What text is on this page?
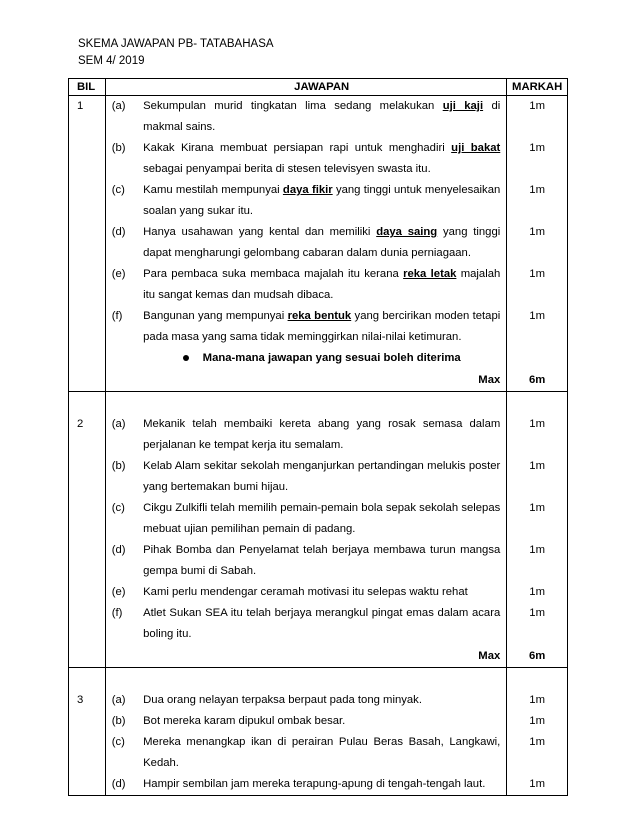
SKEMA JAWAPAN PB- TATABAHASA
SEM 4/ 2019
BIL		JAWAPAN	MARKAH
1	(a)	Sekumpulan murid tingkatan lima sedang melakukan uji kaji di makmal sains.	1m
	(b)	Kakak Kirana membuat persiapan rapi untuk menghadiri uji bakat sebagai penyampai berita di stesen televisyen swasta itu.	1m
	(c)	Kamu mestilah mempunyai daya fikir yang tinggi untuk menyelesaikan soalan yang sukar itu.	1m
	(d)	Hanya usahawan yang kental dan memiliki daya saing yang tinggi dapat mengharungi gelombang cabaran dalam dunia perniagaan.	1m
	(e)	Para pembaca suka membaca majalah itu kerana reka letak majalah itu sangat kemas dan mudsah dibaca.	1m
	(f)	Bangunan yang mempunyai reka bentuk yang bercirikan moden tetapi pada masa yang sama tidak meminggirkan nilai-nilai ketimuran.	1m
		Mana-mana jawapan yang sesuai boleh diterima	
		Max	6m

2	(a)	Mekanik telah membaiki kereta abang yang rosak semasa dalam perjalanan ke tempat kerja itu semalam.	1m
	(b)	Kelab Alam sekitar sekolah menganjurkan pertandingan melukis poster yang bertemakan bumi hijau.	1m
	(c)	Cikgu Zulkifli telah memilih pemain-pemain bola sepak sekolah selepas mebuat ujian pemilihan pemain di padang.	1m
	(d)	Pihak Bomba dan Penyelamat telah berjaya membawa turun mangsa gempa bumi di Sabah.	1m
	(e)	Kami perlu mendengar ceramah motivasi itu selepas waktu rehat	1m
	(f)	Atlet Sukan SEA itu telah berjaya merangkul pingat emas dalam acara boling itu.	1m
		Max	6m

3	(a)	Dua orang nelayan terpaksa berpaut pada tong minyak.	1m
	(b)	Bot mereka karam dipukul ombak besar.	1m
	(c)	Mereka menangkap ikan di perairan Pulau Beras Basah, Langkawi, Kedah.	1m
	(d)	Hampir sembilan jam mereka terapung-apung di tengah-tengah laut.	1m
